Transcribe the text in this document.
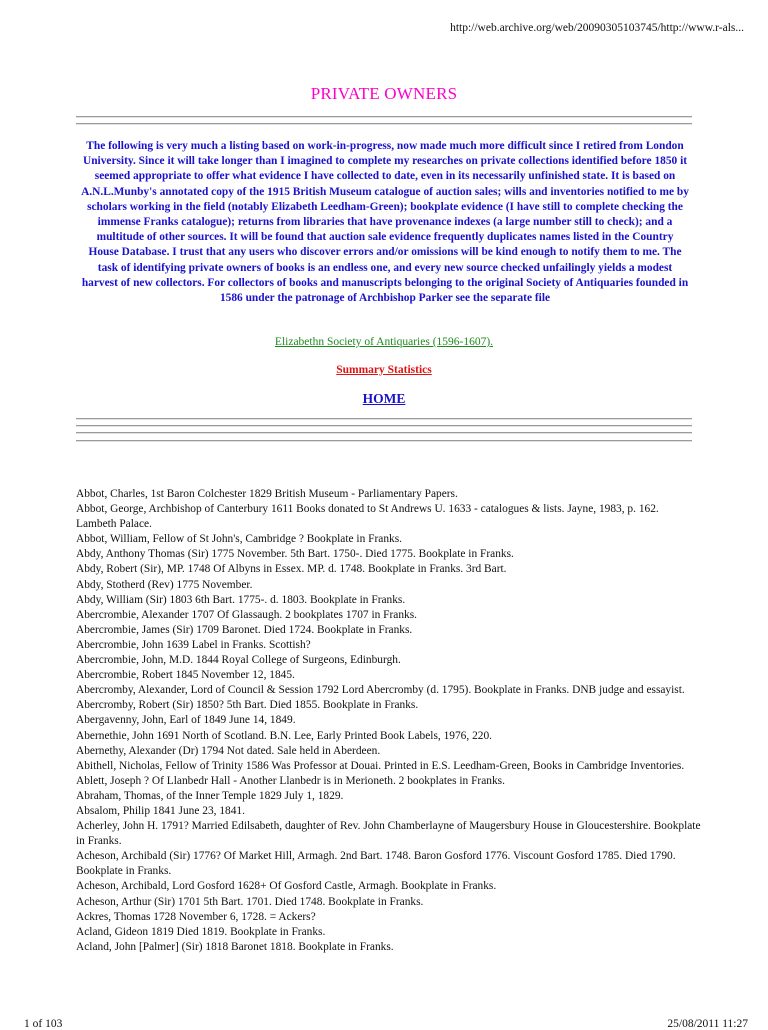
http://web.archive.org/web/20090305103745/http://www.r-als...
PRIVATE OWNERS
The following is very much a listing based on work-in-progress, now made much more difficult since I retired from London University. Since it will take longer than I imagined to complete my researches on private collections identified before 1850 it seemed appropriate to offer what evidence I have collected to date, even in its necessarily unfinished state. It is based on A.N.L.Munby's annotated copy of the 1915 British Museum catalogue of auction sales; wills and inventories notified to me by scholars working in the field (notably Elizabeth Leedham-Green); bookplate evidence (I have still to complete checking the immense Franks catalogue); returns from libraries that have provenance indexes (a large number still to check); and a multitude of other sources. It will be found that auction sale evidence frequently duplicates names listed in the Country House Database. I trust that any users who discover errors and/or omissions will be kind enough to notify them to me. The task of identifying private owners of books is an endless one, and every new source checked unfailingly yields a modest harvest of new collectors. For collectors of books and manuscripts belonging to the original Society of Antiquaries founded in 1586 under the patronage of Archbishop Parker see the separate file
Elizabethn Society of Antiquaries (1596-1607).
Summary Statistics
HOME

Abbot, Charles, 1st Baron Colchester 1829 British Museum - Parliamentary Papers.

Abbot, George, Archbishop of Canterbury 1611 Books donated to St Andrews U. 1633 - catalogues & lists. Jayne, 1983, p. 162. Lambeth Palace.

Abbot, William, Fellow of St John's, Cambridge ? Bookplate in Franks.

Abdy, Anthony Thomas (Sir) 1775 November. 5th Bart. 1750-. Died 1775. Bookplate in Franks.

Abdy, Robert (Sir), MP. 1748 Of Albyns in Essex. MP. d. 1748. Bookplate in Franks. 3rd Bart.

Abdy, Stotherd (Rev) 1775 November.

Abdy, William (Sir) 1803 6th Bart. 1775-. d. 1803. Bookplate in Franks.

Abercrombie, Alexander 1707 Of Glassaugh. 2 bookplates 1707 in Franks.

Abercrombie, James (Sir) 1709 Baronet. Died 1724. Bookplate in Franks.

Abercrombie, John 1639 Label in Franks. Scottish?

Abercrombie, John, M.D. 1844 Royal College of Surgeons, Edinburgh.

Abercrombie, Robert 1845 November 12, 1845.

Abercromby, Alexander, Lord of Council & Session 1792 Lord Abercromby (d. 1795). Bookplate in Franks. DNB judge and essayist.

Abercromby, Robert (Sir) 1850? 5th Bart. Died 1855. Bookplate in Franks.

Abergavenny, John, Earl of 1849 June 14, 1849.

Abernethie, John 1691 North of Scotland. B.N. Lee, Early Printed Book Labels, 1976, 220.

Abernethy, Alexander (Dr) 1794 Not dated. Sale held in Aberdeen.

Abithell, Nicholas, Fellow of Trinity 1586 Was Professor at Douai. Printed in E.S. Leedham-Green, Books in Cambridge Inventories.

Ablett, Joseph ? Of Llanbedr Hall - Another Llanbedr is in Merioneth. 2 bookplates in Franks.

Abraham, Thomas, of the Inner Temple 1829 July 1, 1829.

Absalom, Philip 1841 June 23, 1841.

Acherley, John H. 1791? Married Edilsabeth, daughter of Rev. John Chamberlayne of Maugersbury House in Gloucestershire. Bookplate in Franks.

Acheson, Archibald (Sir) 1776? Of Market Hill, Armagh. 2nd Bart. 1748. Baron Gosford 1776. Viscount Gosford 1785. Died 1790. Bookplate in Franks.

Acheson, Archibald, Lord Gosford 1628+ Of Gosford Castle, Armagh. Bookplate in Franks.

Acheson, Arthur (Sir) 1701 5th Bart. 1701. Died 1748. Bookplate in Franks.

Ackres, Thomas 1728 November 6, 1728. = Ackers?

Acland, Gideon 1819 Died 1819. Bookplate in Franks.

Acland, John [Palmer] (Sir) 1818 Baronet 1818. Bookplate in Franks.

1 of 103	25/08/2011 11:27
